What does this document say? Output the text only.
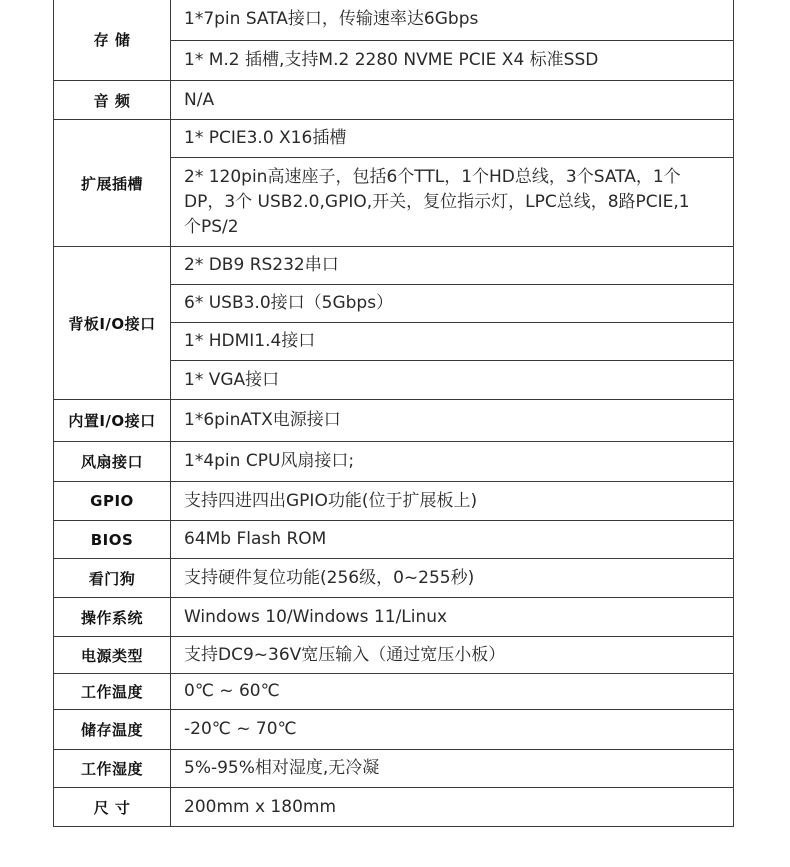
存 储	1*7pin SATA接口，传输速率达6Gbps
	1* M.2 插槽,支持M.2 2280 NVME PCIE X4 标准SSD
音 频	N/A
扩展插槽	1* PCIE3.0 X16插槽
	2* 120pin高速座子，包括6个TTL，1个HD总线，3个SATA，1个DP，3个 USB2.0,GPIO,开关，复位指示灯，LPC总线，8路PCIE,1个PS/2
背板I/O接口	2* DB9 RS232串口
	6* USB3.0接口（5Gbps）
	1* HDMI1.4接口
	1* VGA接口
内置I/O接口	1*6pinATX电源接口
风扇接口	1*4pin CPU风扇接口;
GPIO	支持四进四出GPIO功能(位于扩展板上)
BIOS	64Mb Flash ROM
看门狗	支持硬件复位功能(256级，0~255秒)
操作系统	Windows 10/Windows 11/Linux
电源类型	支持DC9~36V宽压输入（通过宽压小板）
工作温度	0℃ ~ 60℃
储存温度	-20℃ ~ 70℃
工作湿度	5%-95%相对湿度,无冷凝
尺 寸	200mm x 180mm
